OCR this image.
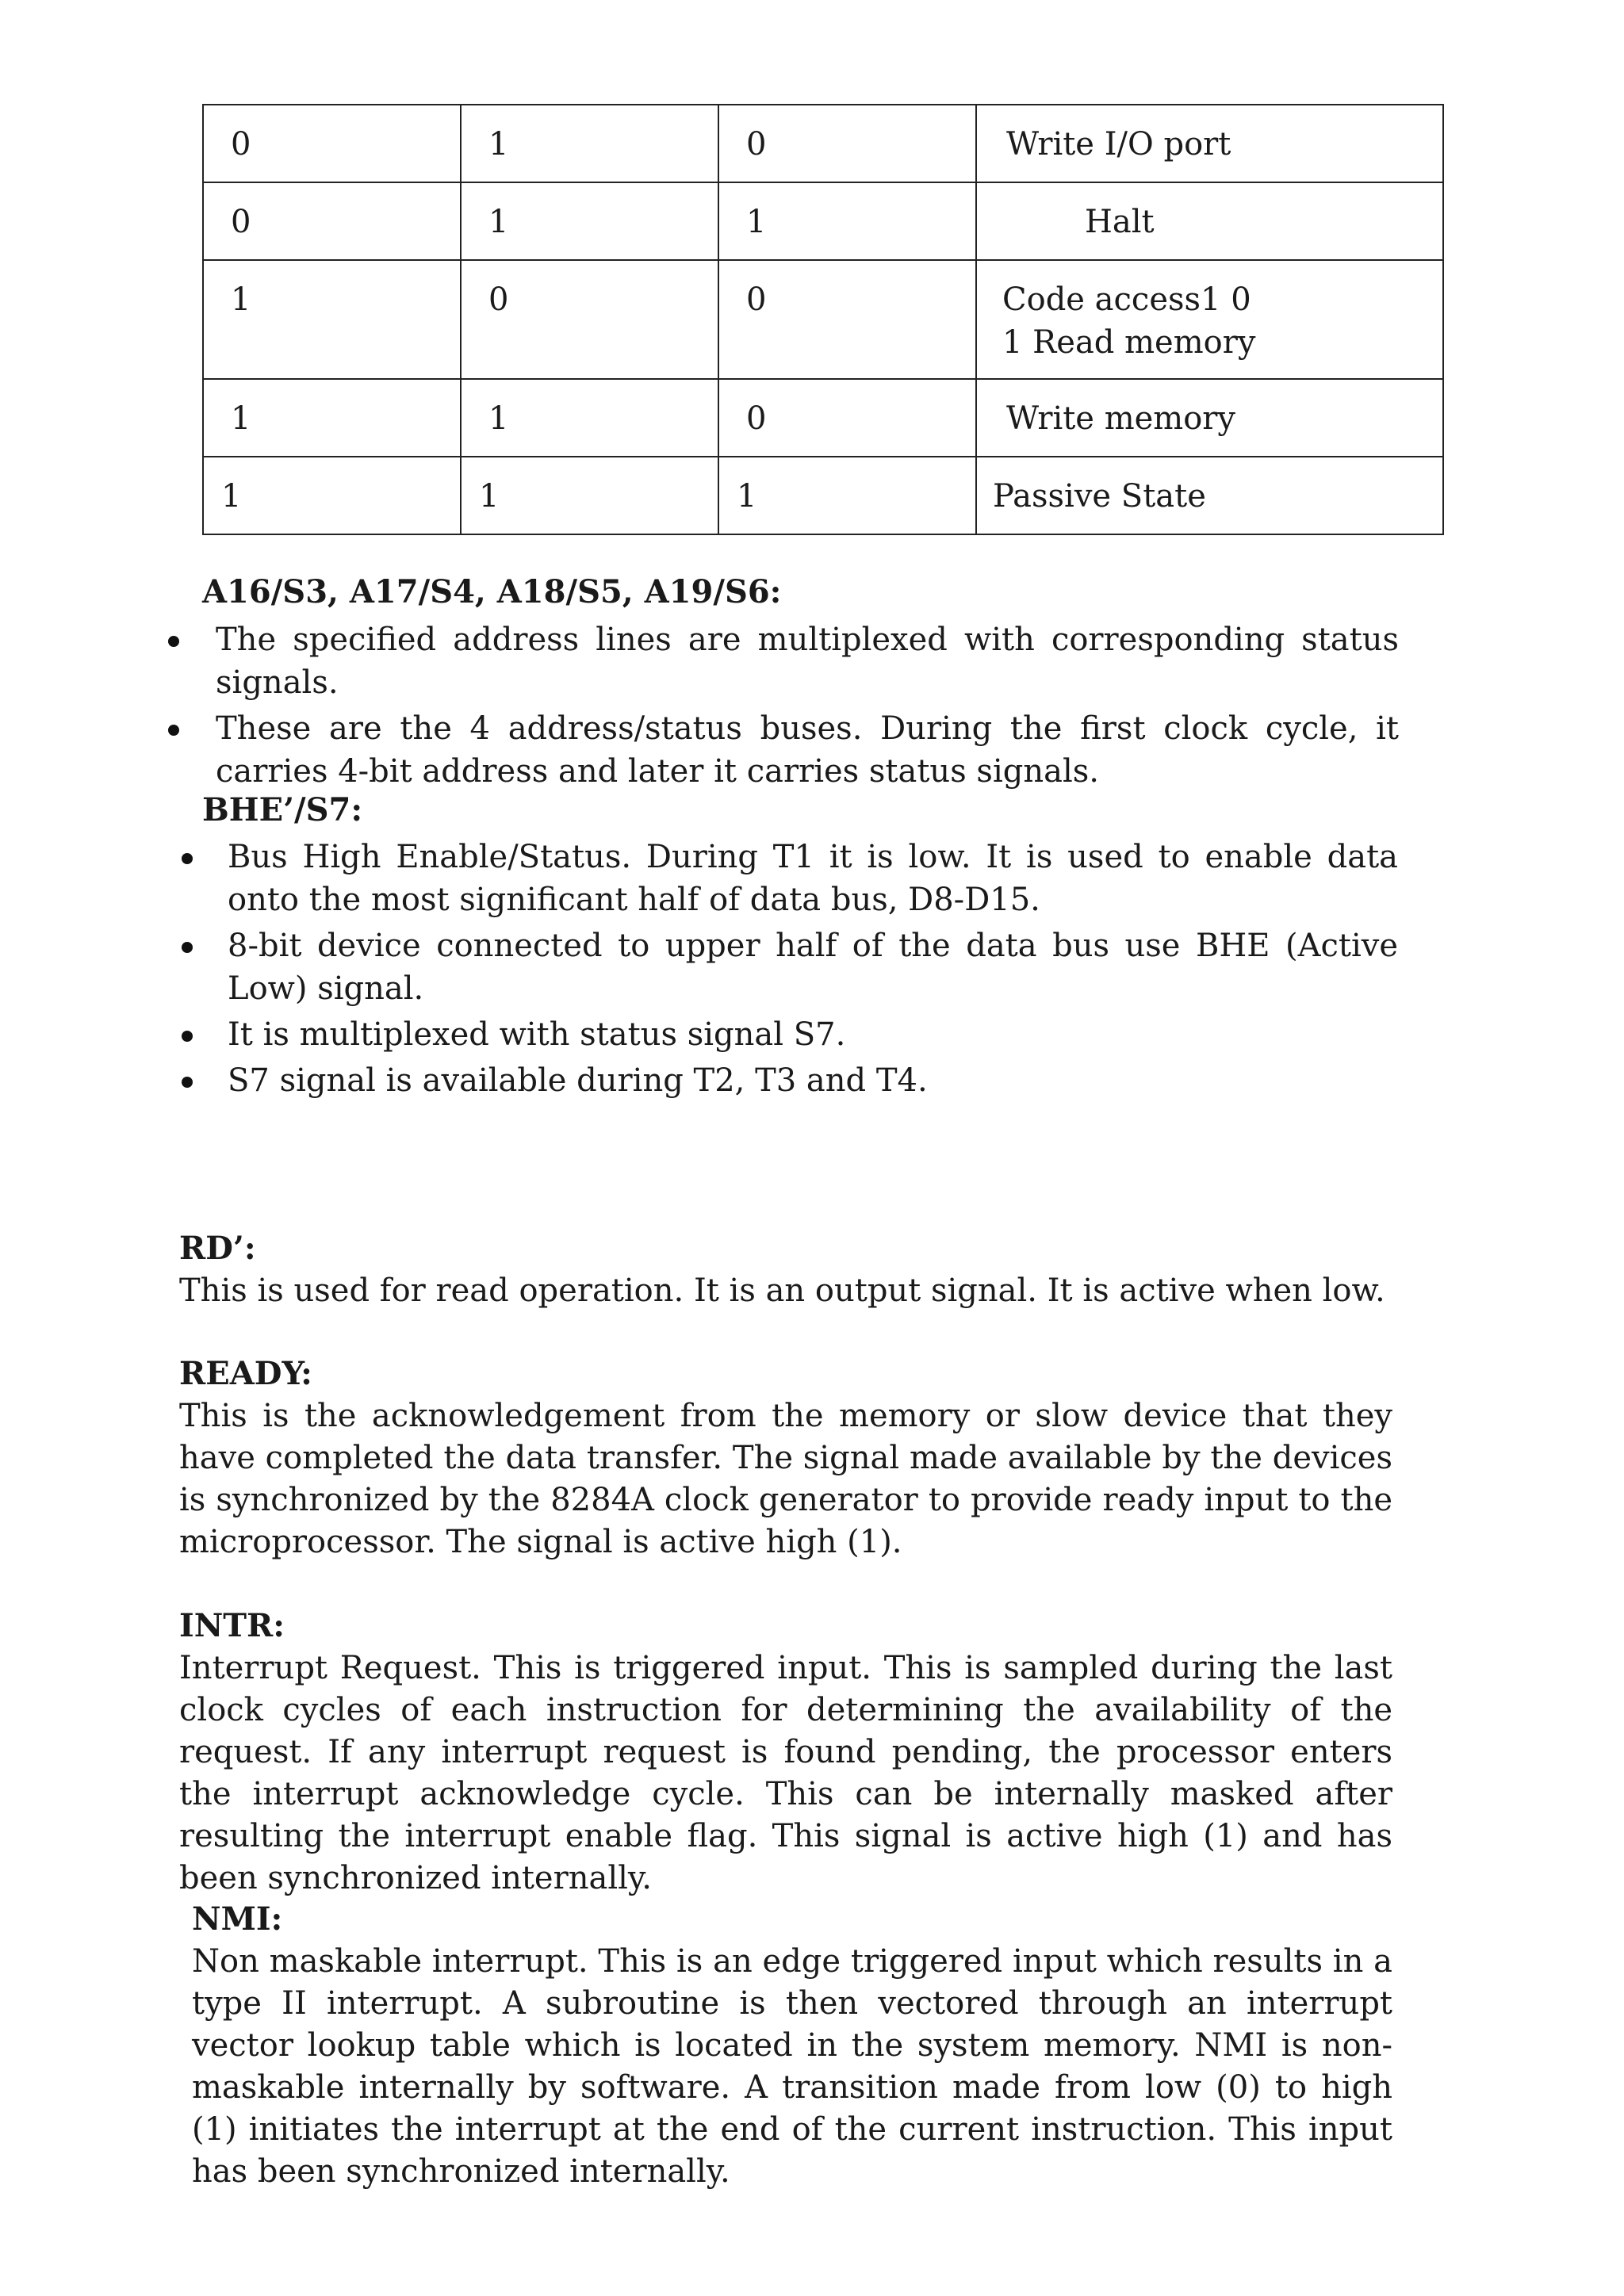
0	1	0	Write I/O port

0	1	1	Halt

1	0	0	Code access1 0
1 Read memory

1	1	0	Write memory

1	1	1	Passive State
A16/S3, A17/S4, A18/S5, A19/S6:
The specified address lines are multiplexed with corresponding status signals.
These are the 4 address/status buses. During the first clock cycle, it carries 4-bit address and later it carries status signals.
BHE’/S7:
Bus High Enable/Status. During T1 it is low. It is used to enable data onto the most significant half of data bus, D8-D15.
8-bit device connected to upper half of the data bus use BHE (Active Low) signal.
It is multiplexed with status signal S7.
S7 signal is available during T2, T3 and T4.
RD’:

This is used for read operation. It is an output signal. It is active when low.

READY:

This is the acknowledgement from the memory or slow device that they have completed the data transfer. The signal made available by the devices is synchronized by the 8284A clock generator to provide ready input to the microprocessor. The signal is active high (1).

INTR:

Interrupt Request. This is triggered input. This is sampled during the last clock cycles of each instruction for determining the availability of the request. If any interrupt request is found pending, the processor enters the interrupt acknowledge cycle. This can be internally masked after resulting the interrupt enable flag. This signal is active high (1) and has been synchronized internally.

NMI:

Non maskable interrupt. This is an edge triggered input which results in a type II interrupt. A subroutine is then vectored through an interrupt vector lookup table which is located in the system memory. NMI is non-maskable internally by software. A transition made from low (0) to high (1) initiates the interrupt at the end of the current instruction. This input has been synchronized internally.
